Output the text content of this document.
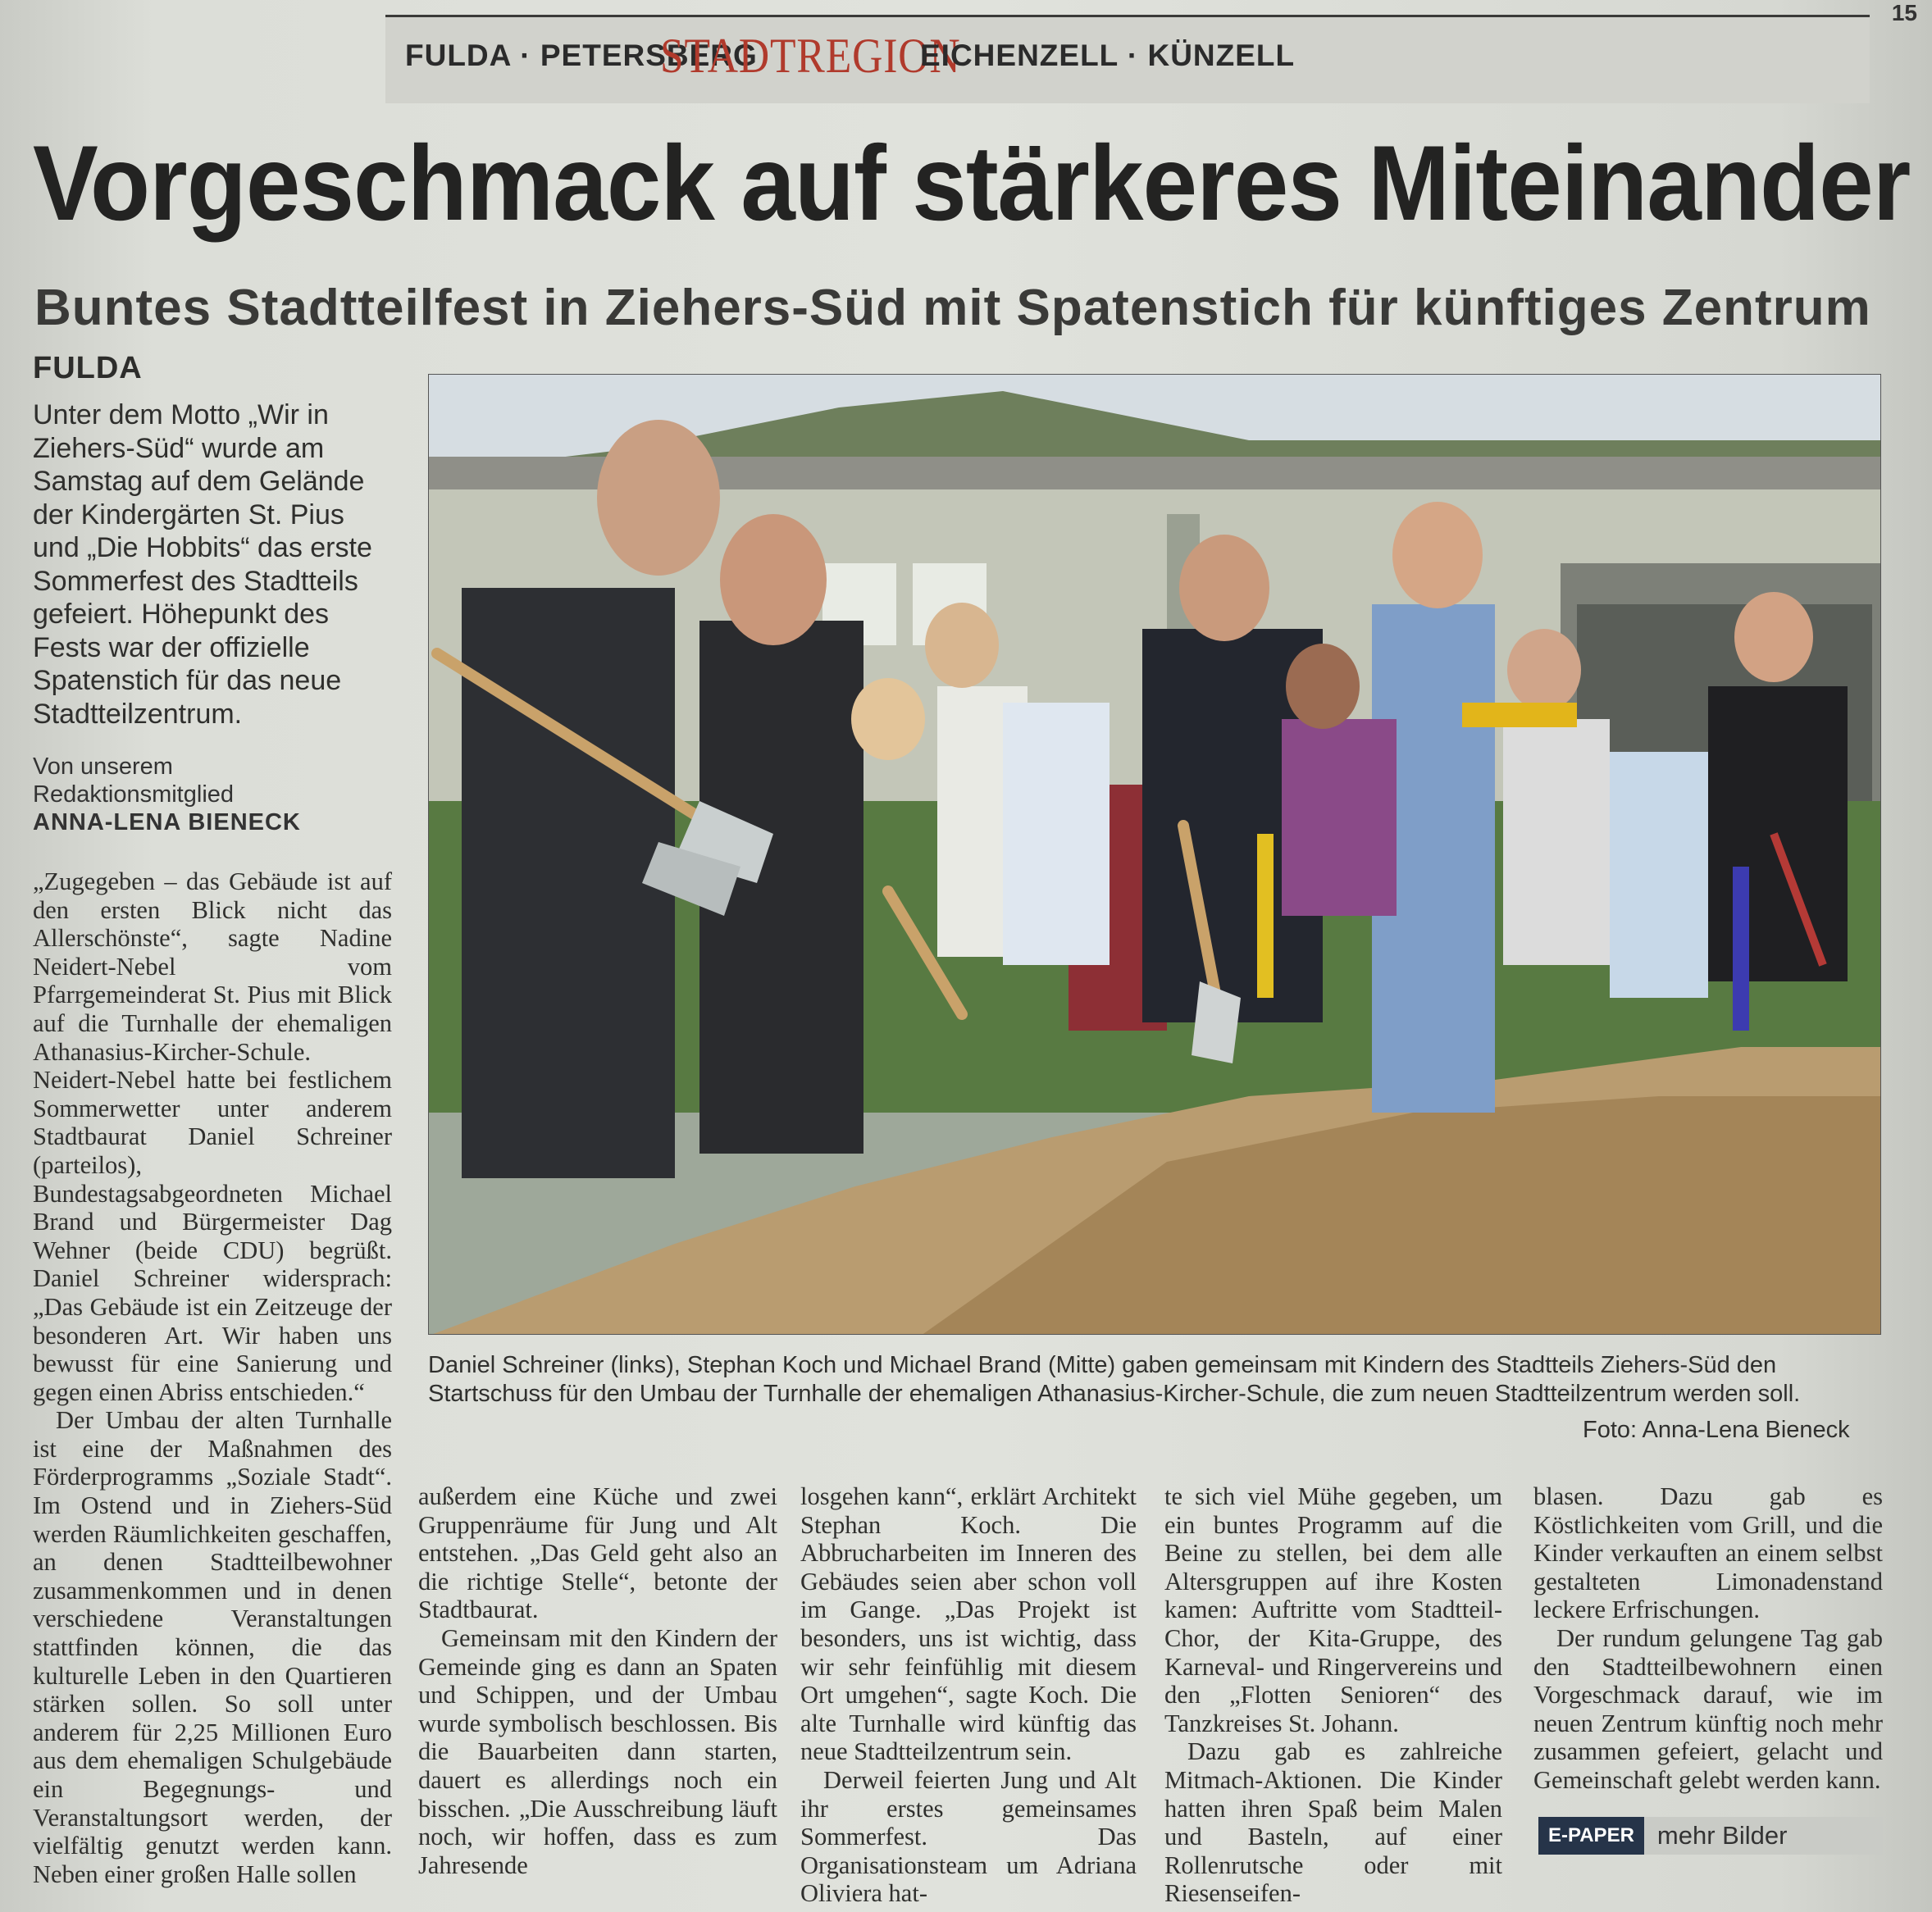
FULDA · PETERSBERG
STADTREGION
EICHENZELL · KÜNZELL
15
Vorgeschmack auf stärkeres Miteinander
Buntes Stadtteilfest in Ziehers-Süd mit Spatenstich für künftiges Zentrum
FULDA
Unter dem Motto „Wir in Ziehers-Süd“ wurde am Samstag auf dem Gelände der Kindergärten St. Pius und „Die Hobbits“ das erste Sommerfest des Stadtteils gefeiert. Höhepunkt des Fests war der offizielle Spatenstich für das neue Stadtteilzentrum.
Von unserem
Redaktionsmitglied
ANNA-LENA BIENECK

„Zugegeben – das Gebäude ist auf den ersten Blick nicht das Allerschönste“, sagte Nadine Neidert-Nebel vom Pfarrgemeinderat St. Pius mit Blick auf die Turnhalle der ehemaligen Athanasius-Kircher-Schule. Neidert-Nebel hatte bei festlichem Sommerwetter unter anderem Stadtbaurat Daniel Schreiner (parteilos), Bundestagsabgeordneten Michael Brand und Bürgermeister Dag Wehner (beide CDU) begrüßt. Daniel Schreiner widersprach: „Das Gebäude ist ein Zeitzeuge der besonderen Art. Wir haben uns bewusst für eine Sanierung und gegen einen Abriss entschieden.“

Der Umbau der alten Turnhalle ist eine der Maßnahmen des Förderprogramms „Soziale Stadt“. Im Ostend und in Ziehers-Süd werden Räumlichkeiten geschaffen, an denen Stadtteilbewohner zusammenkommen und in denen verschiedene Veranstaltungen stattfinden können, die das kulturelle Leben in den Quartieren stärken sollen. So soll unter anderem für 2,25 Millionen Euro aus dem ehemaligen Schulgebäude ein Begegnungs- und Veranstaltungsort werden, der vielfältig genutzt werden kann. Neben einer großen Halle sollen

Daniel Schreiner (links), Stephan Koch und Michael Brand (Mitte) gaben gemeinsam mit Kindern des Stadtteils Ziehers-Süd den Startschuss für den Umbau der Turnhalle der ehemaligen Athanasius-Kircher-Schule, die zum neuen Stadtteilzentrum werden soll.
Foto: Anna-Lena Bieneck

außerdem eine Küche und zwei Gruppenräume für Jung und Alt entstehen. „Das Geld geht also an die richtige Stelle“, betonte der Stadtbaurat.

Gemeinsam mit den Kindern der Gemeinde ging es dann an Spaten und Schippen, und der Umbau wurde symbolisch beschlossen. Bis die Bauarbeiten dann starten, dauert es allerdings noch ein bisschen. „Die Ausschreibung läuft noch, wir hoffen, dass es zum Jahresende

losgehen kann“, erklärt Architekt Stephan Koch. Die Abbrucharbeiten im Inneren des Gebäudes seien aber schon voll im Gange. „Das Projekt ist besonders, uns ist wichtig, dass wir sehr feinfühlig mit diesem Ort umgehen“, sagte Koch. Die alte Turnhalle wird künftig das neue Stadtteilzentrum sein.

Derweil feierten Jung und Alt ihr erstes gemeinsames Sommerfest. Das Organisationsteam um Adriana Oliviera hat-

te sich viel Mühe gegeben, um ein buntes Programm auf die Beine zu stellen, bei dem alle Altersgruppen auf ihre Kosten kamen: Auftritte vom Stadtteil-Chor, der Kita-Gruppe, des Karneval- und Ringervereins und den „Flotten Senioren“ des Tanzkreises St. Johann.

Dazu gab es zahlreiche Mitmach-Aktionen. Die Kinder hatten ihren Spaß beim Malen und Basteln, auf einer Rollenrutsche oder mit Riesenseifen-

blasen. Dazu gab es Köstlichkeiten vom Grill, und die Kinder verkauften an einem selbst gestalteten Limonadenstand leckere Erfrischungen.

Der rundum gelungene Tag gab den Stadtteilbewohnern einen Vorgeschmack darauf, wie im neuen Zentrum künftig noch mehr zusammen gefeiert, gelacht und Gemeinschaft gelebt werden kann.

E-PAPER mehr Bilder
